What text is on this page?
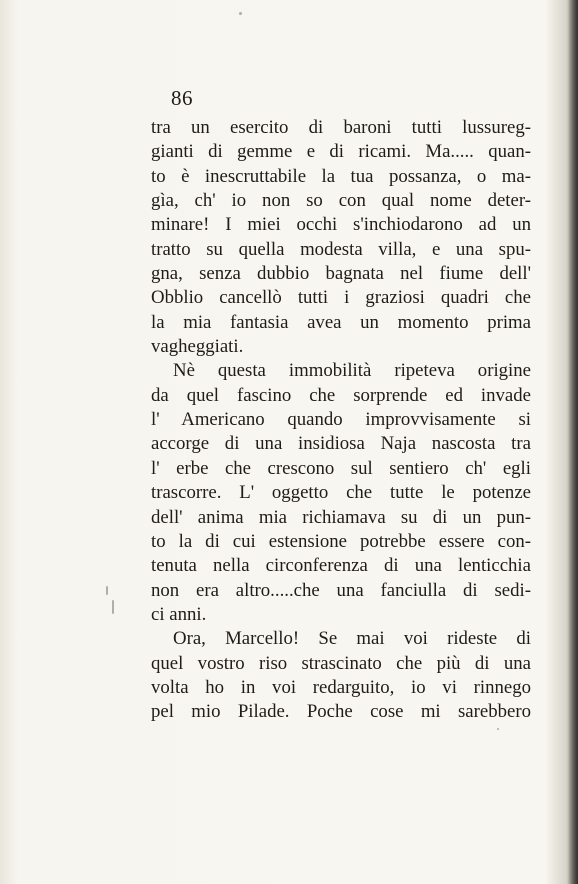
86
tra un esercito di baroni tutti lussureg-
gianti di gemme e di ricami. Ma..... quan-
to è inescruttabile la tua possanza, o ma-
gìa, ch' io non so con qual nome deter-
minare! I miei occhi s'inchiodarono ad un
tratto su quella modesta villa, e una spu-
gna, senza dubbio bagnata nel fiume dell'
Obblio cancellò tutti i graziosi quadri che
la mia fantasia avea un momento prima
vagheggiati.
Nè questa immobilità ripeteva origine
da quel fascino che sorprende ed invade
l' Americano quando improvvisamente si
accorge di una insidiosa Naja nascosta tra
l' erbe che crescono sul sentiero ch' egli
trascorre. L' oggetto che tutte le potenze
dell' anima mia richiamava su di un pun-
to la di cui estensione potrebbe essere con-
tenuta nella circonferenza di una lenticchia
non era altro.....che una fanciulla di sedi-
ci anni.
Ora, Marcello! Se mai voi rideste di
quel vostro riso strascinato che più di una
volta ho in voi redarguito, io vi rinnego
pel mio Pilade. Poche cose mi sarebbero
